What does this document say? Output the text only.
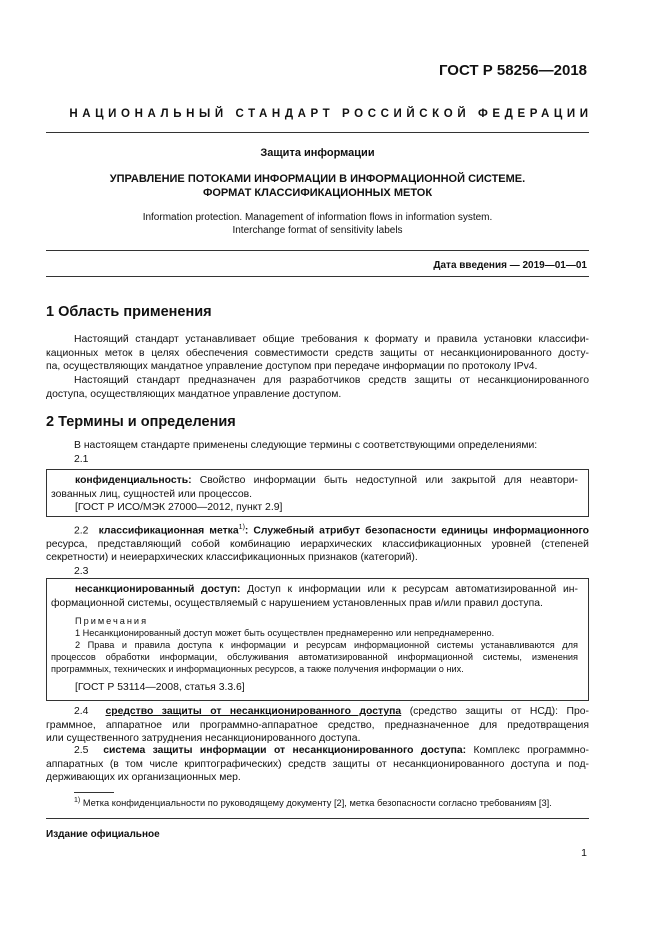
ГОСТ Р 58256—2018
НАЦИОНАЛЬНЫЙ СТАНДАРТ РОССИЙСКОЙ ФЕДЕРАЦИИ
Защита информации
УПРАВЛЕНИЕ ПОТОКАМИ ИНФОРМАЦИИ В ИНФОРМАЦИОННОЙ СИСТЕМЕ.
ФОРМАТ КЛАССИФИКАЦИОННЫХ МЕТОК
Information protection. Management of information flows in information system.
Interchange format of sensitivity labels
Дата введения — 2019—01—01
1 Область применения
Настоящий стандарт устанавливает общие требования к формату и правила установки классифи-
кационных меток в целях обеспечения совместимости средств защиты от несанкционированного досту-
па, осуществляющих мандатное управление доступом при передаче информации по протоколу IPv4.
Настоящий стандарт предназначен для разработчиков средств защиты от несанкционированного
доступа, осуществляющих мандатное управление доступом.
2 Термины и определения
В настоящем стандарте применены следующие термины с соответствующими определениями:
2.1
конфиденциальность: Свойство информации быть недоступной или закрытой для неавтори-
зованных лиц, сущностей или процессов.
[ГОСТ Р ИСО/МЭК 27000—2012, пункт 2.9]
2.2 классификационная метка$^{1)}$: Служебный атрибут безопасности единицы информационного
ресурса, представляющий собой комбинацию иерархических классификационных уровней (степеней
секретности) и неиерархических классификационных признаков (категорий).
2.3
несанкционированный доступ: Доступ к информации или к ресурсам автоматизированной ин-
формационной системы, осуществляемый с нарушением установленных прав и/или правил доступа.
Примечания
1 Несанкционированный доступ может быть осуществлен преднамеренно или непреднамеренно.
2 Права и правила доступа к информации и ресурсам информационной системы устанавливаются для
процессов обработки информации, обслуживания автоматизированной информационной системы, изменения
программных, технических и информационных ресурсов, а также получения информации о них.
[ГОСТ Р 53114—2008, статья 3.3.6]
2.4 средство защиты от несанкционированного доступа (средство защиты от НСД): Про-
граммное, аппаратное или программно-аппаратное средство, предназначенное для предотвращения
или существенного затруднения несанкционированного доступа.
2.5 система защиты информации от несанкционированного доступа: Комплекс программно-
аппаратных (в том числе криптографических) средств защиты от несанкционированного доступа и под-
держивающих их организационных мер.
$^{1)}$ Метка конфиденциальности по руководящему документу [2], метка безопасности согласно требованиям [3].
Издание официальное
1
